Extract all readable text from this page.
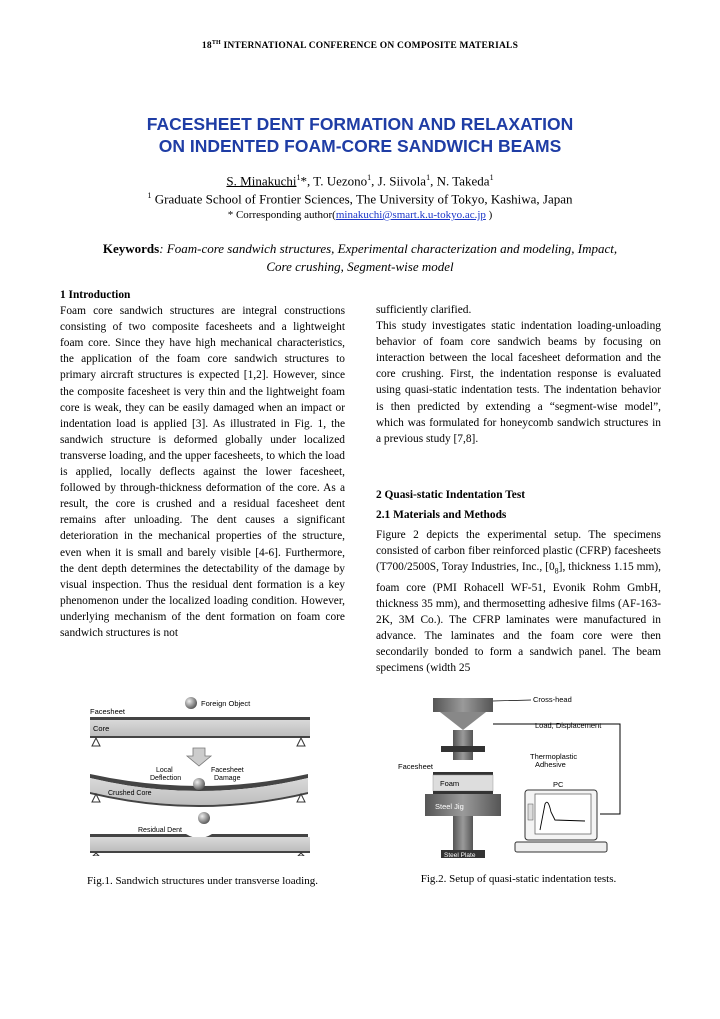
18TH INTERNATIONAL CONFERENCE ON COMPOSITE MATERIALS
FACESHEET DENT FORMATION AND RELAXATION
ON INDENTED FOAM-CORE SANDWICH BEAMS
S. Minakuchi$^1$*, T. Uezono$^1$, J. Siivola$^1$, N. Takeda$^1$
$^1$ Graduate School of Frontier Sciences, The University of Tokyo, Kashiwa, Japan
* Corresponding author(minakuchi@smart.k.u-tokyo.ac.jp )
Keywords: Foam-core sandwich structures, Experimental characterization and modeling, Impact, Core crushing, Segment-wise model
1 Introduction

Foam core sandwich structures are integral constructions consisting of two composite facesheets and a lightweight foam core. Since they have high mechanical characteristics, the application of the foam core sandwich structures to primary aircraft structures is expected [1,2]. However, since the composite facesheet is very thin and the lightweight foam core is weak, they can be easily damaged when an impact or indentation load is applied [3]. As illustrated in Fig. 1, the sandwich structure is deformed globally under localized transverse loading, and the upper facesheets, to which the load is applied, locally deflects against the lower facesheet, followed by through-thickness deformation of the core. As a result, the core is crushed and a residual facesheet dent remains after unloading. The dent causes a significant deterioration in the mechanical properties of the structure, even when it is small and barely visible [4-6]. Furthermore, the dent depth determines the detectability of the damage by visual inspection. Thus the residual dent formation is a key phenomenon under the localized loading condition. However, underlying mechanism of the dent formation on foam core sandwich structures is not

sufficiently clarified.

This study investigates static indentation loading-unloading behavior of foam core sandwich beams by focusing on interaction between the local facesheet deformation and the core crushing. First, the indentation response is evaluated using quasi-static indentation tests. The indentation behavior is then predicted by extending a “segment-wise model”, which was formulated for honeycomb sandwich structures in a previous study [7,8].

2 Quasi-static Indentation Test
2.1 Materials and Methods

Figure 2 depicts the experimental setup. The specimens consisted of carbon fiber reinforced plastic (CFRP) facesheets (T700/2500S, Toray Industries, Inc., $[0_8]$, thickness 1.15 mm), foam core (PMI Rohacell WF-51, Evonik Rohm GmbH, thickness 35 mm), and thermosetting adhesive films (AF-163-2K, 3M Co.). The CFRP laminates were manufactured in advance. The laminates and the foam core were then secondarily bonded to form a sandwich panel. The beam specimens (width 25

Foreign Object
Facesheet
Core
Local
Deflection
Facesheet
Damage
Crushed Core
Residual Dent
Fig.1. Sandwich structures under transverse loading.
Cross-head
Load, Displacement
Thermoplastic
Adhesive
Facesheet
Foam
Steel Jig
Steel Plate
PC
Fig.2. Setup of quasi-static indentation tests.
